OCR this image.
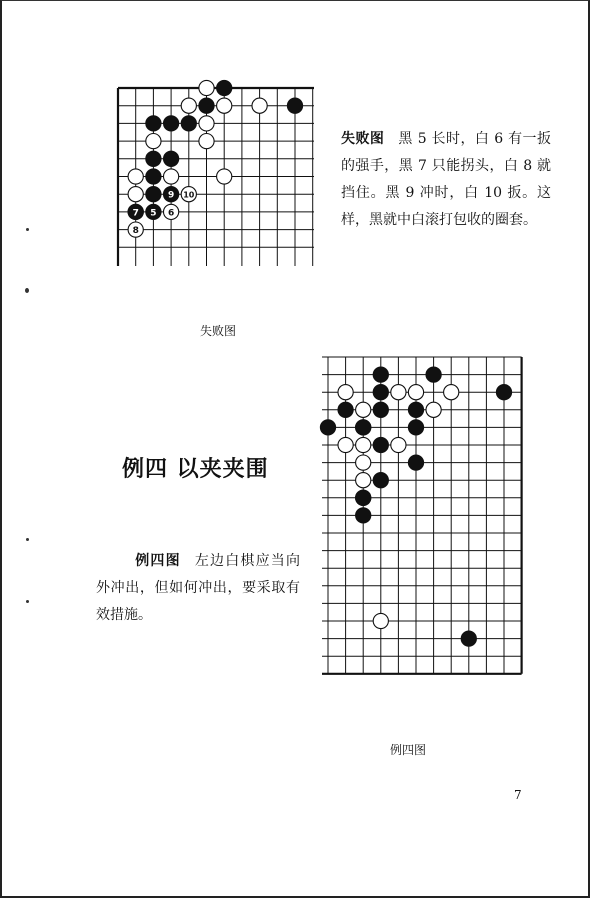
9 10
7 5 6
8
失败图 黑 5 长时，白 6 有一扳的强手，黑 7 只能拐头，白 8 就挡住。黑 9 冲时，白 10 扳。这样，黑就中白滚打包收的圈套。
失败图
例四 以夹夹围
例四图 左边白棋应当向外冲出，但如何冲出，要采取有效措施。
例四图
7
